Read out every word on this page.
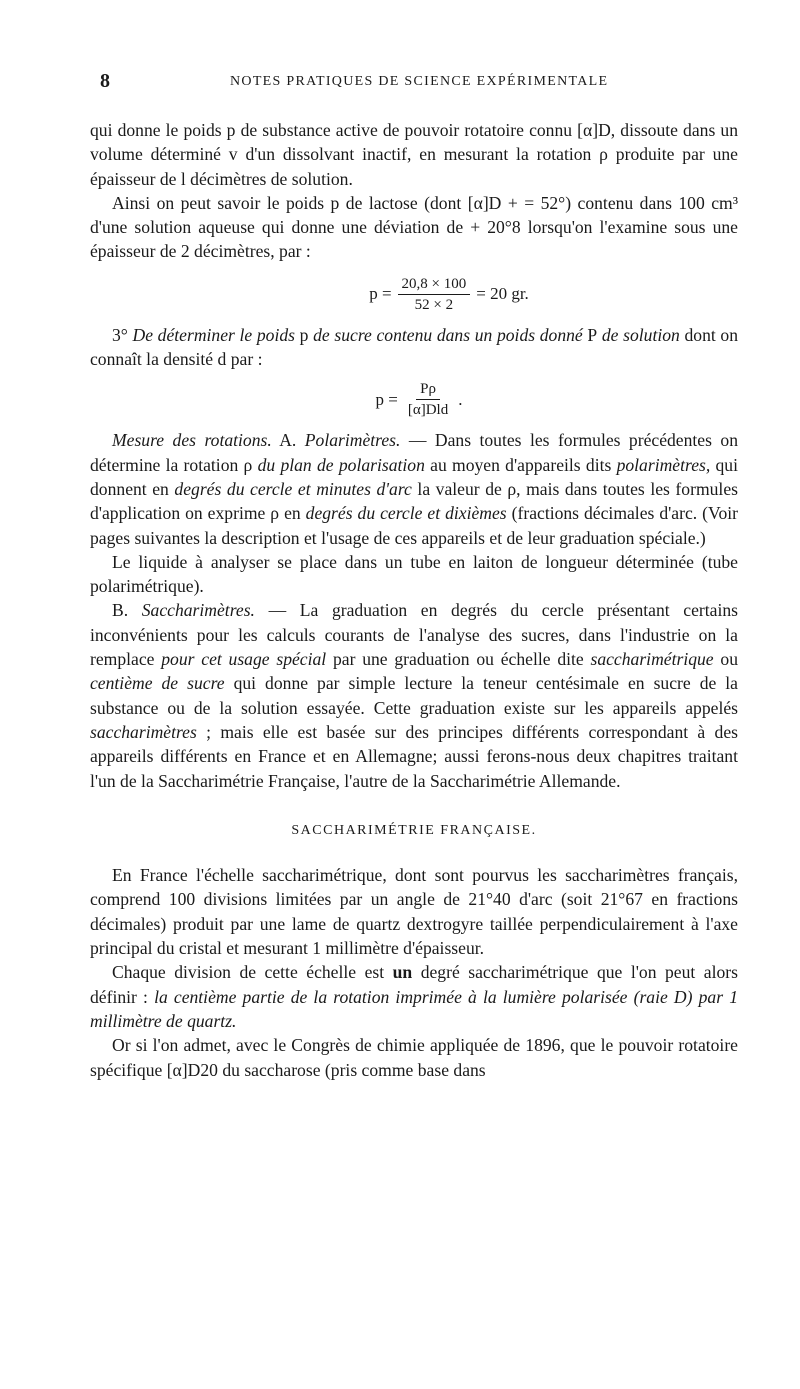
8	NOTES PRATIQUES DE SCIENCE EXPÉRIMENTALE

qui donne le poids p de substance active de pouvoir rotatoire connu [α]D, dissoute dans un volume déterminé v d'un dissolvant inactif, en mesurant la rotation ρ produite par une épaisseur de l décimètres de solution.

Ainsi on peut savoir le poids p de lactose (dont [α]D + = 52°) contenu dans 100 cm³ d'une solution aqueuse qui donne une déviation de + 20°8 lorsqu'on l'examine sous une épaisseur de 2 décimètres, par :

$p = \frac{20,8 \times 100}{52 \times 2} = 20$ gr.

3° De déterminer le poids p de sucre contenu dans un poids donné P de solution dont on connaît la densité d par :

$p = \frac{P\rho}{\text{[α]Dld}}$ .

Mesure des rotations. A. Polarimètres. — Dans toutes les formules précédentes on détermine la rotation ρ du plan de polarisation au moyen d'appareils dits polarimètres, qui donnent en degrés du cercle et minutes d'arc la valeur de ρ, mais dans toutes les formules d'application on exprime ρ en degrés du cercle et dixièmes (fractions décimales d'arc. (Voir pages suivantes la description et l'usage de ces appareils et de leur graduation spéciale.)

Le liquide à analyser se place dans un tube en laiton de longueur déterminée (tube polarimétrique).

B. Saccharimètres. — La graduation en degrés du cercle présentant certains inconvénients pour les calculs courants de l'analyse des sucres, dans l'industrie on la remplace pour cet usage spécial par une graduation ou échelle dite saccharimétrique ou centième de sucre qui donne par simple lecture la teneur centésimale en sucre de la substance ou de la solution essayée. Cette graduation existe sur les appareils appelés saccharimètres ; mais elle est basée sur des principes différents correspondant à des appareils différents en France et en Allemagne; aussi ferons-nous deux chapitres traitant l'un de la Saccharimétrie Française, l'autre de la Saccharimétrie Allemande.

SACCHARIMÉTRIE FRANÇAISE.

En France l'échelle saccharimétrique, dont sont pourvus les saccharimètres français, comprend 100 divisions limitées par un angle de 21°40 d'arc (soit 21°67 en fractions décimales) produit par une lame de quartz dextrogyre taillée perpendiculairement à l'axe principal du cristal et mesurant 1 millimètre d'épaisseur.

Chaque division de cette échelle est un degré saccharimétrique que l'on peut alors définir : la centième partie de la rotation imprimée à la lumière polarisée (raie D) par 1 millimètre de quartz.

Or si l'on admet, avec le Congrès de chimie appliquée de 1896, que le pouvoir rotatoire spécifique [α]D20 du saccharose (pris comme base dans
